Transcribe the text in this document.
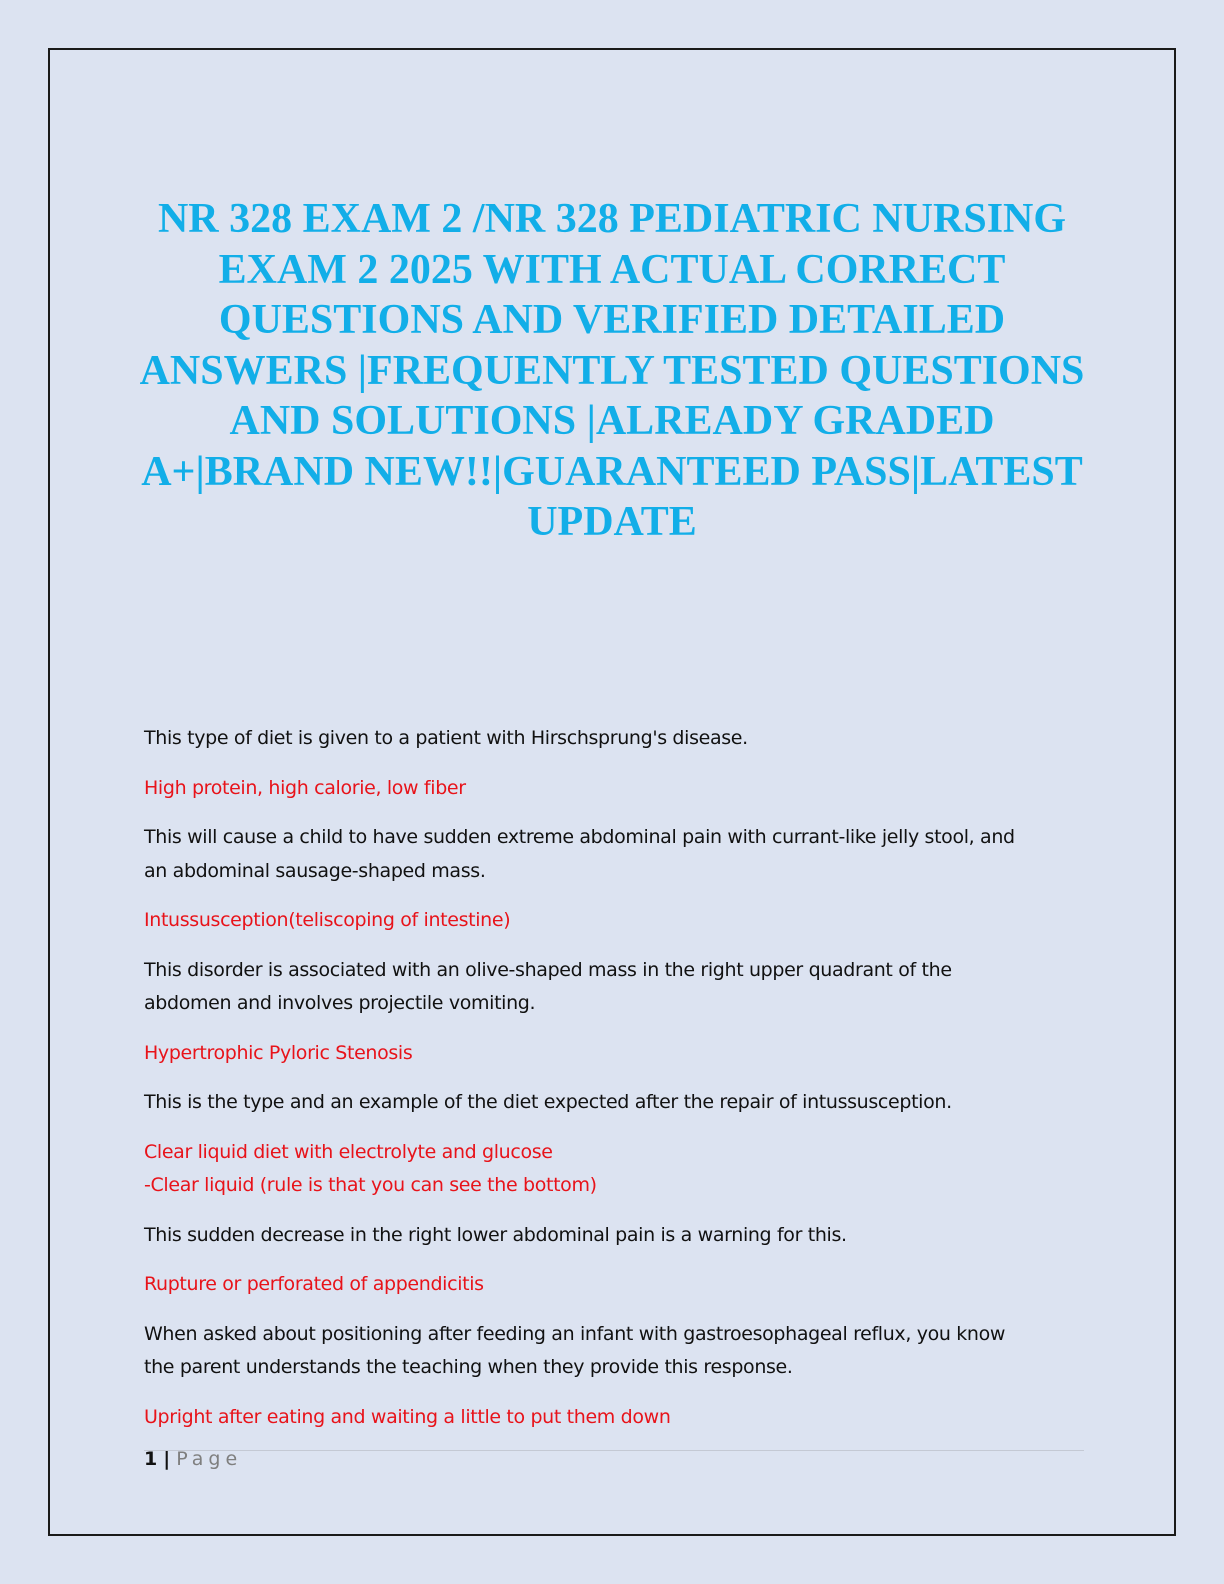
NR 328 EXAM 2 /NR 328 PEDIATRIC NURSING EXAM 2 2025 WITH ACTUAL CORRECT QUESTIONS AND VERIFIED DETAILED ANSWERS |FREQUENTLY TESTED QUESTIONS AND SOLUTIONS |ALREADY GRADED A+|BRAND NEW!!|GUARANTEED PASS|LATEST UPDATE

This type of diet is given to a patient with Hirschsprung's disease.

High protein, high calorie, low fiber

This will cause a child to have sudden extreme abdominal pain with currant-like jelly stool, and an abdominal sausage-shaped mass.

Intussusception(teliscoping of intestine)

This disorder is associated with an olive-shaped mass in the right upper quadrant of the abdomen and involves projectile vomiting.

Hypertrophic Pyloric Stenosis

This is the type and an example of the diet expected after the repair of intussusception.

Clear liquid diet with electrolyte and glucose
-Clear liquid (rule is that you can see the bottom)

This sudden decrease in the right lower abdominal pain is a warning for this.

Rupture or perforated of appendicitis

When asked about positioning after feeding an infant with gastroesophageal reflux, you know the parent understands the teaching when they provide this response.

Upright after eating and waiting a little to put them down

1 | Page
